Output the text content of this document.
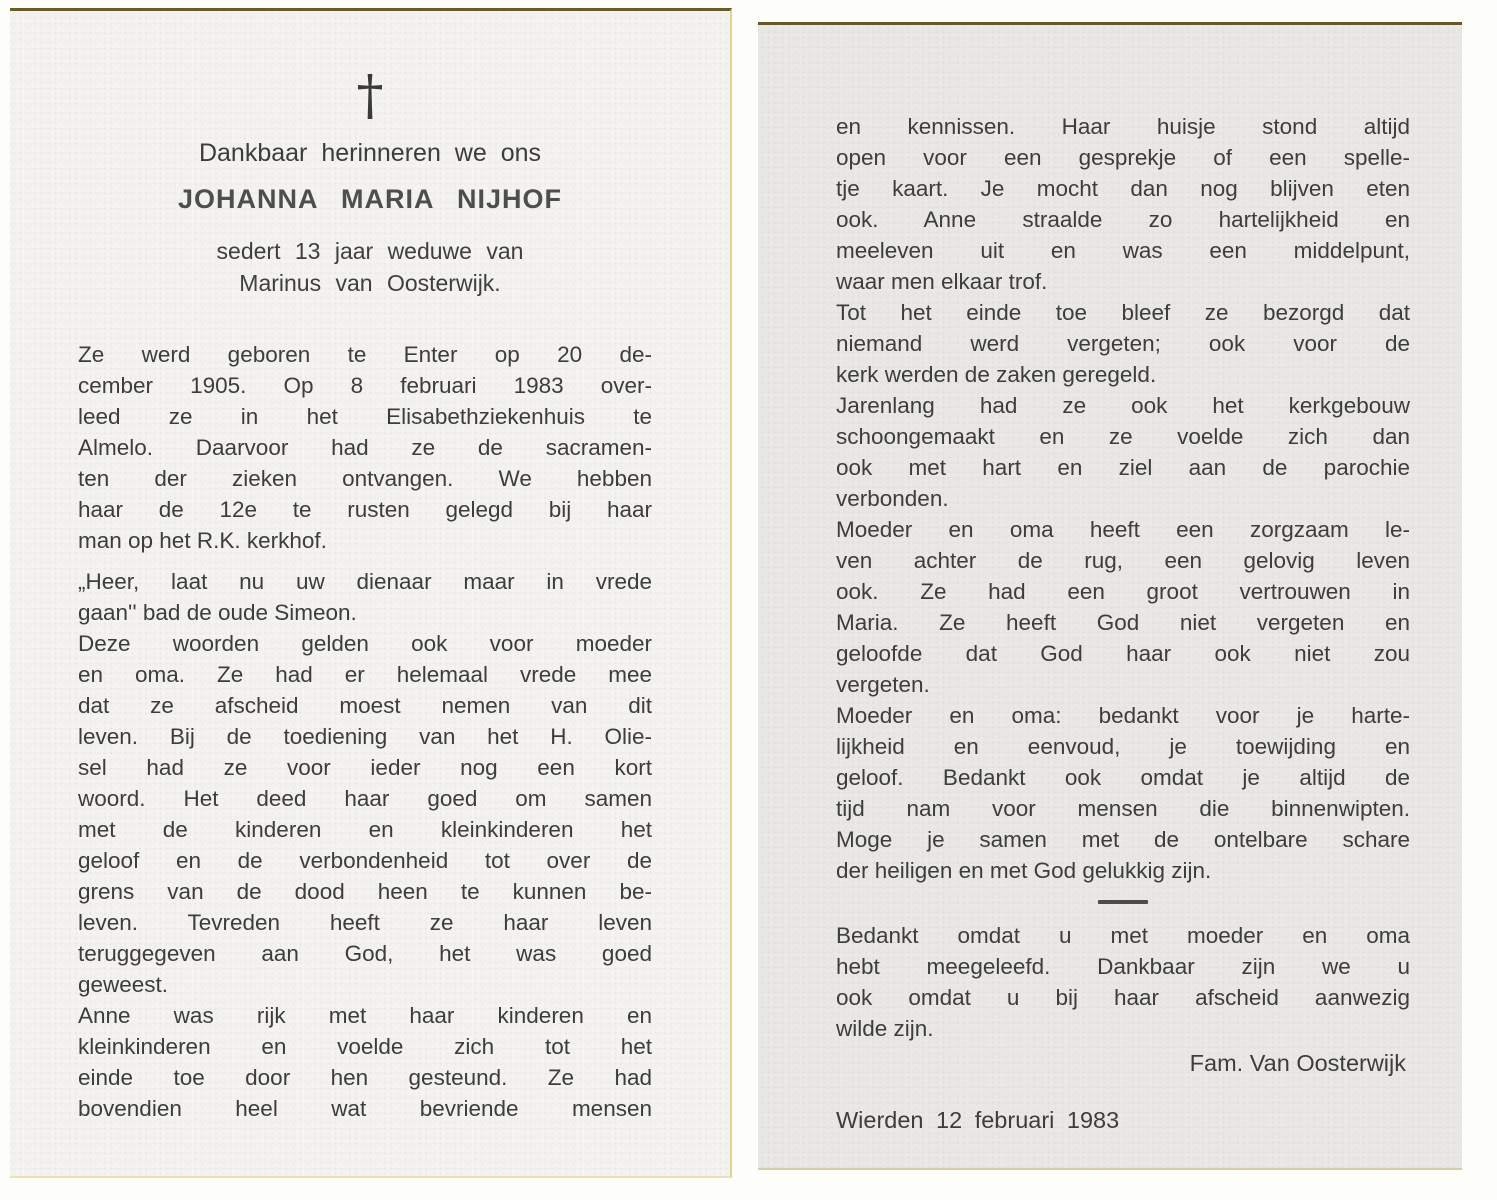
†
Dankbaar herinneren we ons
JOHANNA MARIA NIJHOF
sedert 13 jaar weduwe van
Marinus van Oosterwijk.
Ze werd geboren te Enter op 20 de-
cember 1905. Op 8 februari 1983 over-
leed ze in het Elisabethziekenhuis te
Almelo. Daarvoor had ze de sacramen-
ten der zieken ontvangen. We hebben
haar de 12e te rusten gelegd bij haar
man op het R.K. kerkhof.
„Heer, laat nu uw dienaar maar in vrede
gaan'' bad de oude Simeon.
Deze woorden gelden ook voor moeder
en oma. Ze had er helemaal vrede mee
dat ze afscheid moest nemen van dit
leven. Bij de toediening van het H. Olie-
sel had ze voor ieder nog een kort
woord. Het deed haar goed om samen
met de kinderen en kleinkinderen het
geloof en de verbondenheid tot over de
grens van de dood heen te kunnen be-
leven. Tevreden heeft ze haar leven
teruggegeven aan God, het was goed
geweest.
Anne was rijk met haar kinderen en
kleinkinderen en voelde zich tot het
einde toe door hen gesteund. Ze had
bovendien heel wat bevriende mensen
en kennissen. Haar huisje stond altijd
open voor een gesprekje of een spelle-
tje kaart. Je mocht dan nog blijven eten
ook. Anne straalde zo hartelijkheid en
meeleven uit en was een middelpunt,
waar men elkaar trof.
Tot het einde toe bleef ze bezorgd dat
niemand werd vergeten; ook voor de
kerk werden de zaken geregeld.
Jarenlang had ze ook het kerkgebouw
schoongemaakt en ze voelde zich dan
ook met hart en ziel aan de parochie
verbonden.
Moeder en oma heeft een zorgzaam le-
ven achter de rug, een gelovig leven
ook. Ze had een groot vertrouwen in
Maria. Ze heeft God niet vergeten en
geloofde dat God haar ook niet zou
vergeten.
Moeder en oma: bedankt voor je harte-
lijkheid en eenvoud, je toewijding en
geloof. Bedankt ook omdat je altijd de
tijd nam voor mensen die binnenwipten.
Moge je samen met de ontelbare schare
der heiligen en met God gelukkig zijn.
Bedankt omdat u met moeder en oma
hebt meegeleefd. Dankbaar zijn we u
ook omdat u bij haar afscheid aanwezig
wilde zijn.
Fam. Van Oosterwijk
Wierden 12 februari 1983
